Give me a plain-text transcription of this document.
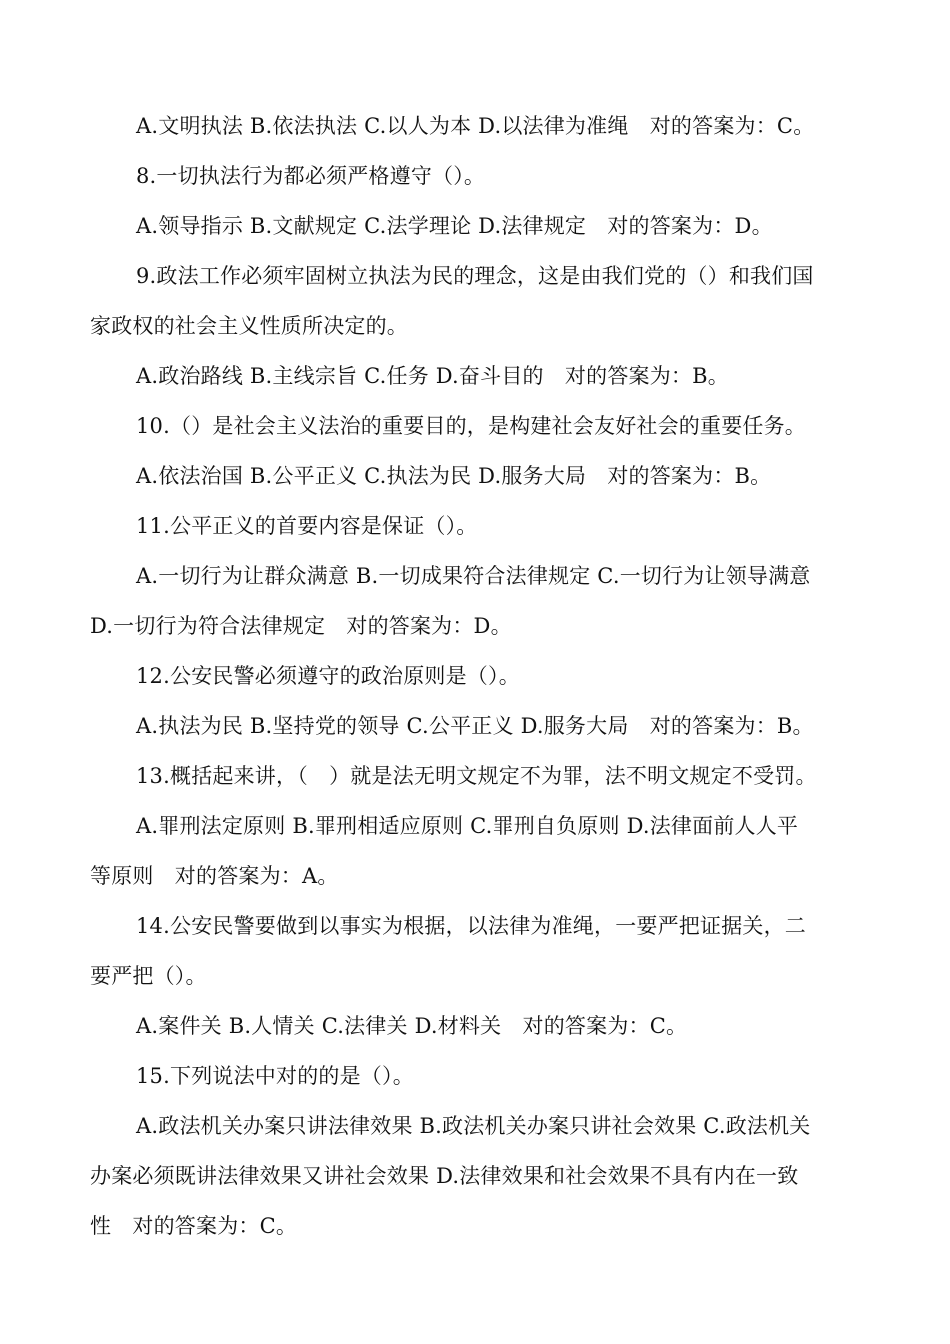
A.文明执法 B.依法执法 C.以人为本 D.以法律为准绳　对的答案为：C。
8.一切执法行为都必须严格遵守（）。
A.领导指示 B.文献规定 C.法学理论 D.法律规定　对的答案为：D。
9.政法工作必须牢固树立执法为民的理念，这是由我们党的（）和我们国
家政权的社会主义性质所决定的。
A.政治路线 B.主线宗旨 C.任务 D.奋斗目的　对的答案为：B。
10.（）是社会主义法治的重要目的，是构建社会友好社会的重要任务。
A.依法治国 B.公平正义 C.执法为民 D.服务大局　对的答案为：B。
11.公平正义的首要内容是保证（）。
A.一切行为让群众满意 B.一切成果符合法律规定 C.一切行为让领导满意
D.一切行为符合法律规定　对的答案为：D。
12.公安民警必须遵守的政治原则是（）。
A.执法为民 B.坚持党的领导 C.公平正义 D.服务大局　对的答案为：B。
13.概括起来讲，（　）就是法无明文规定不为罪，法不明文规定不受罚。
A.罪刑法定原则 B.罪刑相适应原则 C.罪刑自负原则 D.法律面前人人平
等原则　对的答案为：A。
14.公安民警要做到以事实为根据，以法律为准绳，一要严把证据关，二
要严把（）。
A.案件关 B.人情关 C.法律关 D.材料关　对的答案为：C。
15.下列说法中对的的是（）。
A.政法机关办案只讲法律效果 B.政法机关办案只讲社会效果 C.政法机关
办案必须既讲法律效果又讲社会效果 D.法律效果和社会效果不具有内在一致
性　对的答案为：C。
